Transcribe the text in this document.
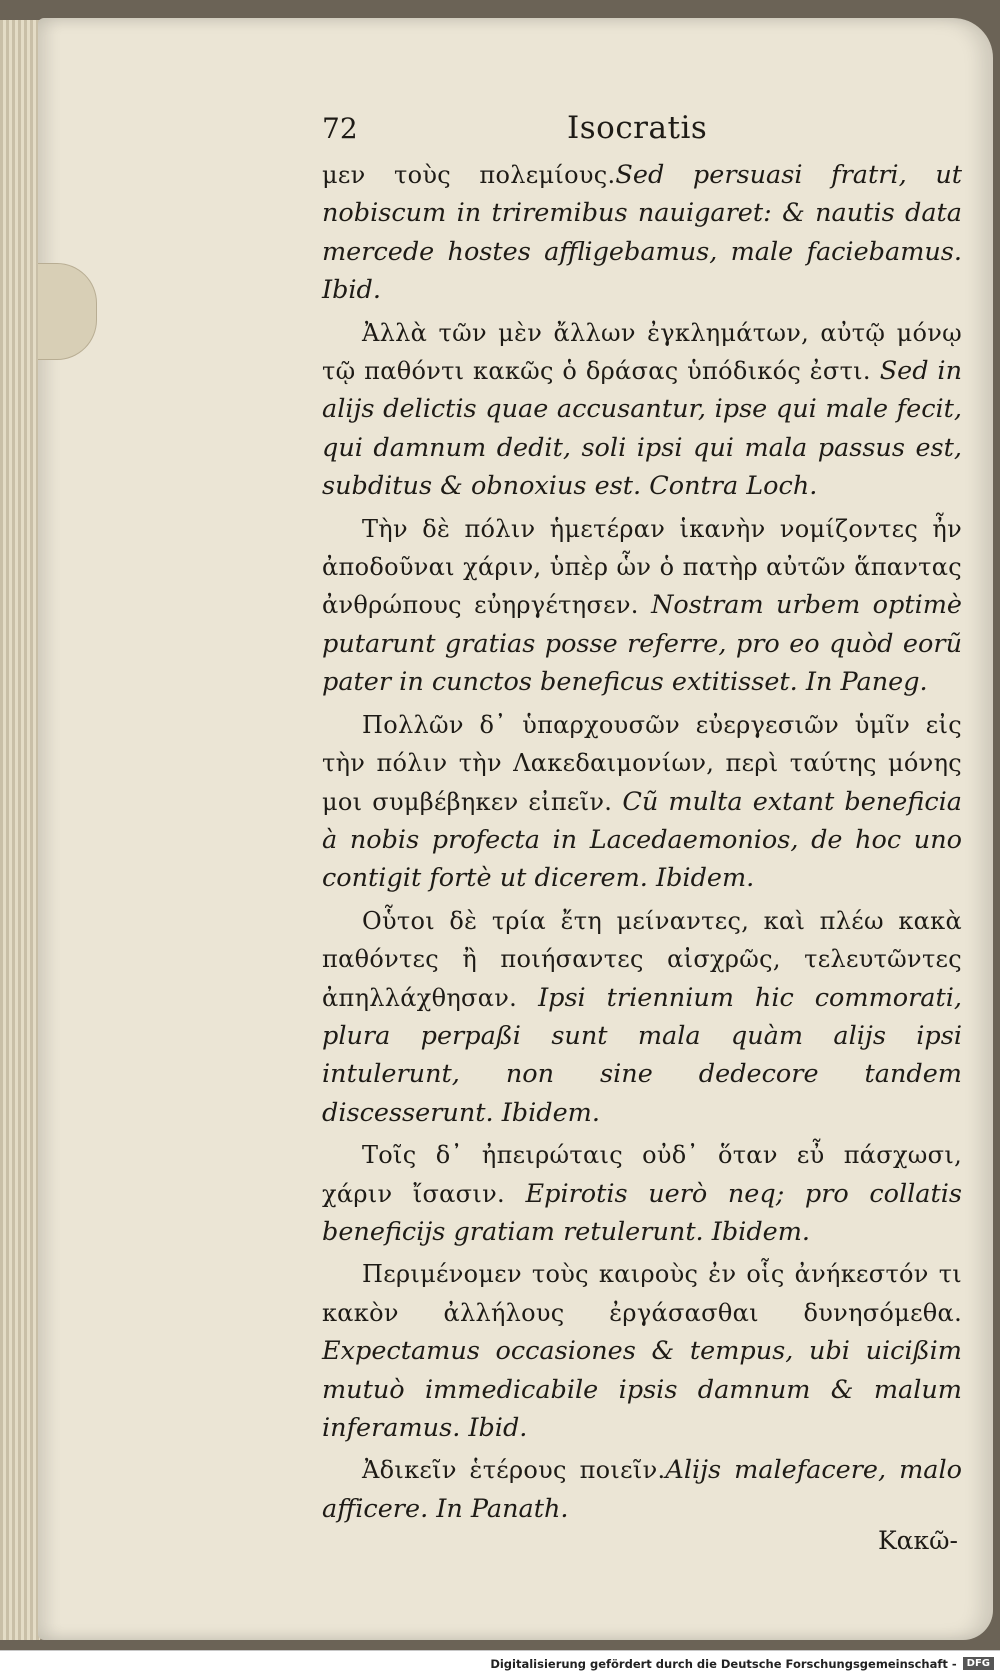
72	Isocratis

μεν τοὺς πολεμίους.Sed persuasi fratri, ut nobiscum in triremibus nauigaret: & nautis data mercede hostes affligebamus, male faciebamus. Ibid.

Ἀλλὰ τῶν μὲν ἄλλων ἐγκλημάτων, αὐτῷ μόνῳ τῷ παθόντι κακῶς ὁ δράσας ὑπόδικός ἐστι. Sed in alijs delictis quae accusantur, ipse qui male fecit, qui damnum dedit, soli ipsi qui mala passus est, subditus & obnoxius est. Contra Loch.

Τὴν δὲ πόλιν ἡμετέραν ἱκανὴν νομίζοντες ἦν ἀποδοῦναι χάριν, ὑπὲρ ὧν ὁ πατὴρ αὐτῶν ἅπαντας ἀνθρώπους εὐηργέτησεν. Nostram urbem optimè putarunt gratias posse referre, pro eo quòd eorũ pater in cunctos beneficus extitisset. In Paneg.

Πολλῶν δ᾽ ὑπαρχουσῶν εὐεργεσιῶν ὑμῖν εἰς τὴν πόλιν τὴν Λακεδαιμονίων, περὶ ταύτης μόνης μοι συμβέβηκεν εἰπεῖν. Cũ multa extant beneficia à nobis profecta in Lacedaemonios, de hoc uno contigit fortè ut dicerem. Ibidem.

Οὗτοι δὲ τρία ἔτη μείναντες, καὶ πλέω κακὰ παθόντες ἢ ποιήσαντες αἰσχρῶς, τελευτῶντες ἀπηλλάχθησαν. Ipsi triennium hic commorati, plura perpaßi sunt mala quàm alijs ipsi intulerunt, non sine dedecore tandem discesserunt. Ibidem.

Τοῖς δ᾽ ἠπειρώταις οὐδ᾽ ὅταν εὖ πάσχωσι, χάριν ἴσασιν. Epirotis uerò neq; pro collatis beneficijs gratiam retulerunt. Ibidem.

Περιμένομεν τοὺς καιροὺς ἐν οἷς ἀνήκεστόν τι κακὸν ἀλλήλους ἐργάσασθαι δυνησόμεθα. Expectamus occasiones & tempus, ubi uicißim mutuò immedicabile ipsis damnum & malum inferamus. Ibid.

Ἀδικεῖν ἑτέρους ποιεῖν.Alijs malefacere, malo afficere. In Panath.

Κακῶ-
Digitalisierung gefördert durch die Deutsche Forschungsgemeinschaft -	DFG
